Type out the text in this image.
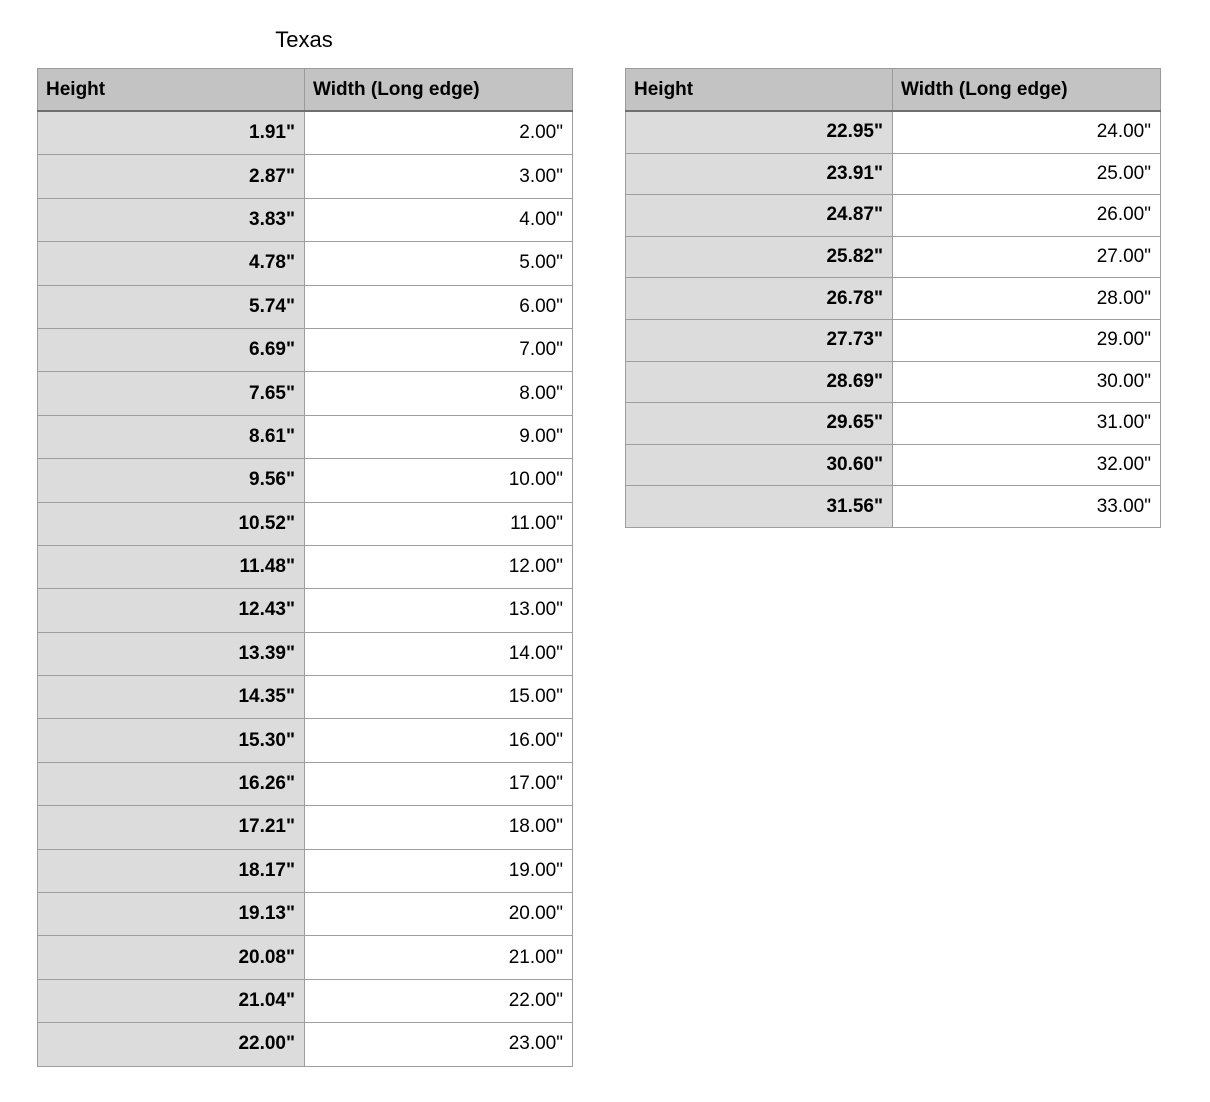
Texas
Height	Width (Long edge)
1.91"	2.00"
2.87"	3.00"
3.83"	4.00"
4.78"	5.00"
5.74"	6.00"
6.69"	7.00"
7.65"	8.00"
8.61"	9.00"
9.56"	10.00"
10.52"	11.00"
11.48"	12.00"
12.43"	13.00"
13.39"	14.00"
14.35"	15.00"
15.30"	16.00"
16.26"	17.00"
17.21"	18.00"
18.17"	19.00"
19.13"	20.00"
20.08"	21.00"
21.04"	22.00"
22.00"	23.00"
Height	Width (Long edge)
22.95"	24.00"
23.91"	25.00"
24.87"	26.00"
25.82"	27.00"
26.78"	28.00"
27.73"	29.00"
28.69"	30.00"
29.65"	31.00"
30.60"	32.00"
31.56"	33.00"
